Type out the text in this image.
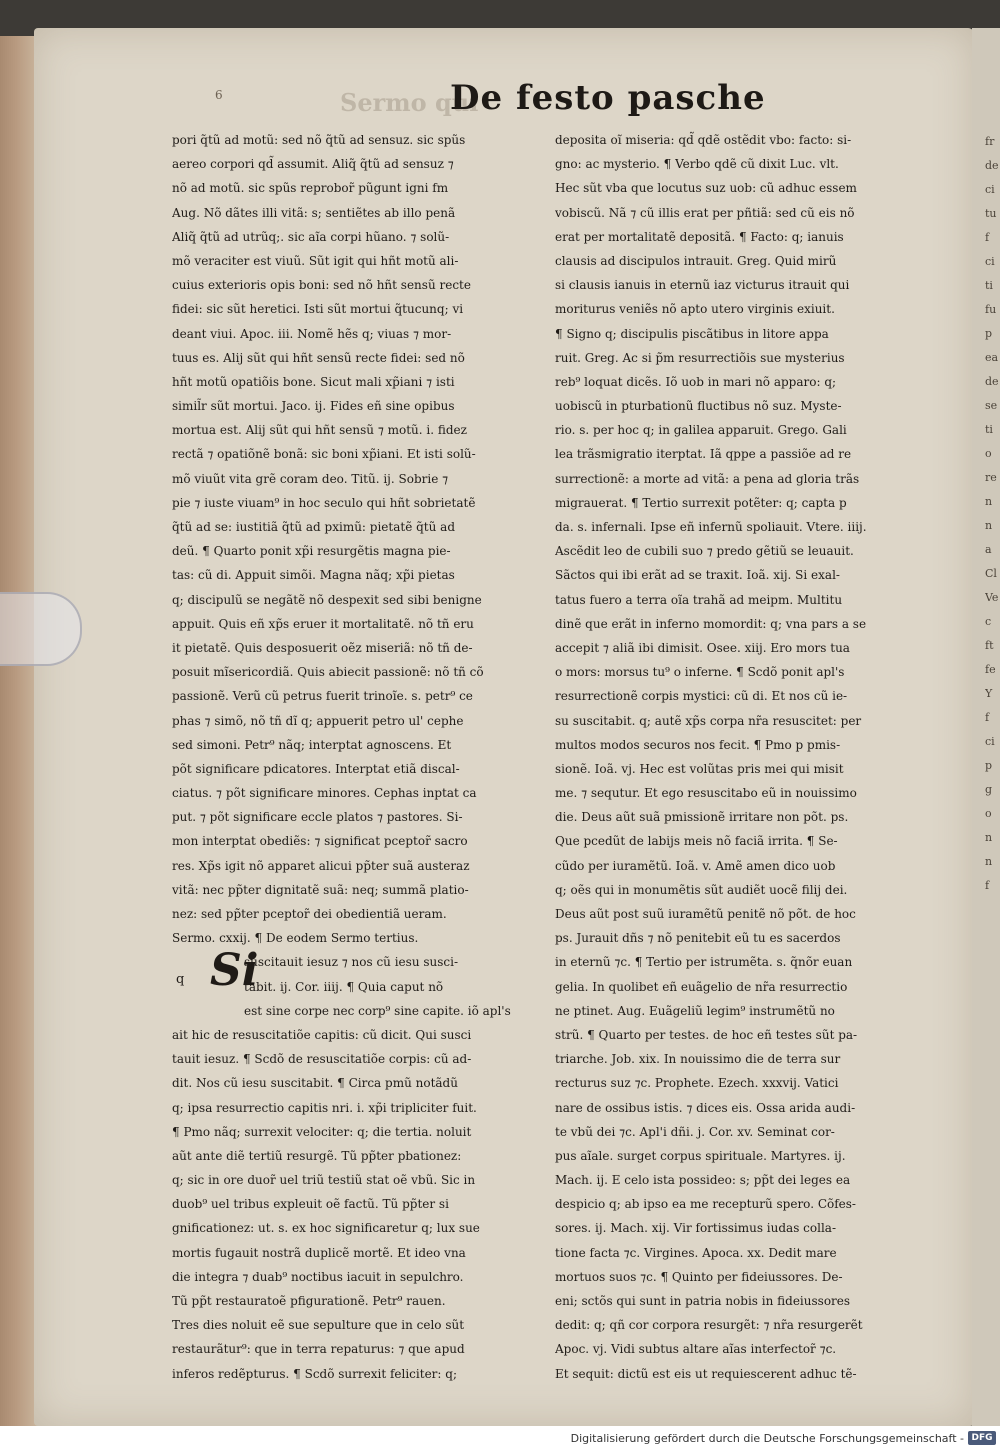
Sermo qui
6	De festo pasche
pori q̃tũ ad motũ: sed nõ q̃tũ ad sensuz. sic spũs
aereo corpori qd̃ assumit. Aliq̃ q̃tũ ad sensuz ⁊
nõ ad motũ. sic spũs reprobor̃ pũgunt igni fm
Aug. Nõ dãtes illi vitã: s; sentiẽtes ab illo penã
Aliq̃ q̃tũ ad utrũq;. sic aĩa corpi hũano. ⁊ solũ-
mõ veraciter est viuũ. Sũt igit qui hñt motũ ali-
cuius exterioris opis boni: sed nõ hñt sensũ recte
fidei: sic sũt heretici. Isti sũt mortui q̃tucunq; vi
deant viui. Apoc. iii. Nomẽ hẽs q; viuas ⁊ mor-
tuus es. Alij sũt qui hñt sensũ recte fidei: sed nõ
hñt motũ opatiõis bone. Sicut mali xp̃iani ⁊ isti
simil̃r sũt mortui. Jaco. ij. Fides eñ sine opibus
mortua est. Alij sũt qui hñt sensũ ⁊ motũ. i. fidez
rectã ⁊ opatiõnẽ bonã: sic boni xp̃iani. Et isti solũ-
mõ viuũt vita grẽ coram deo. Titũ. ij. Sobrie ⁊
pie ⁊ iuste viuam⁹ in hoc seculo qui hñt sobrietatẽ
q̃tũ ad se: iustitiã q̃tũ ad pximũ: pietatẽ q̃tũ ad
deũ. ¶ Quarto ponit xp̃i resurgẽtis magna pie-
tas: cũ di. Appuit simõi. Magna nãq; xp̃i pietas
q; discipulũ se negãtẽ nõ despexit sed sibi benigne
appuit. Quis eñ xp̃s eruer it mortalitatẽ. nõ tñ eru
it pietatẽ. Quis desposuerit oẽz miseriã: nõ tñ de-
posuit mĩsericordiã. Quis abiecit passionẽ: nõ tñ cõ
passionẽ. Verũ cũ petrus fuerit trinoĩe. s. petr⁹ ce
phas ⁊ simõ, nõ tñ dĩ q; appuerit petro ul' cephe
sed simoni. Petr⁹ nãq; interptat agnoscens. Et
põt significare pdicatores. Interptat etiã discal-
ciatus. ⁊ põt significare minores. Cephas inptat ca
put. ⁊ põt significare eccle platos ⁊ pastores. Si-
mon interptat obediẽs: ⁊ significat pceptor̃ sacro
res. Xp̃s igit nõ apparet alicui pp̃ter suã austeraz
vitã: nec pp̃ter dignitatẽ suã: neq; summã platio-
nez: sed pp̃ter pceptor̃ dei obedientiã ueram.
Sermo. cxxij. ¶ De eodem Sermo tertius.
q Si
suscitauit iesuz ⁊ nos cũ iesu susci-
tabit. ij. Cor. iiij. ¶ Quia caput nõ
est sine corpe nec corp⁹ sine capite. iõ apl's
ait hic de resuscitatiõe capitis: cũ dicit. Qui susci
tauit iesuz. ¶ Scdõ de resuscitatiõe corpis: cũ ad-
dit. Nos cũ iesu suscitabit. ¶ Circa pmũ notãdũ
q; ipsa resurrectio capitis nri. i. xp̃i tripliciter fuit.
¶ Pmo nãq; surrexit velociter: q; die tertia. noluit
aũt ante diẽ tertiũ resurgẽ. Tũ pp̃ter pbationez:
q; sic in ore duor̃ uel triũ testiũ stat oẽ vbũ. Sic in
duob⁹ uel tribus expleuit oẽ factũ. Tũ pp̃ter si
gnificationez: ut. s. ex hoc significaretur q; lux sue
mortis fugauit nostrã duplicẽ mortẽ. Et ideo vna
die integra ⁊ duab⁹ noctibus iacuit in sepulchro.
Tũ pp̃t restauratoẽ pfigurationẽ. Petr⁹ rauen.
Tres dies noluit eẽ sue sepulture que in celo sũt
restaurãtur⁹: que in terra repaturus: ⁊ que apud
inferos redẽpturus. ¶ Scdõ surrexit feliciter: q;
deposita oĩ miseria: qd̃ qdẽ ostẽdit vbo: facto: si-
gno: ac mysterio. ¶ Verbo qdẽ cũ dixit Luc. vlt.
Hec sũt vba que locutus suz uob: cũ adhuc essem
vobiscũ. Nã ⁊ cũ illis erat per pñtiã: sed cũ eis nõ
erat per mortalitatẽ depositã. ¶ Facto: q; ianuis
clausis ad discipulos intrauit. Greg. Quid mirũ
si clausis ianuis in eternũ iaz victurus itrauit qui
moriturus veniẽs nõ apto utero virginis exiuit.
¶ Signo q; discipulis piscãtibus in litore appa
ruit. Greg. Ac si p̃m resurrectiõis sue mysterius
reb⁹ loquat dicẽs. Iõ uob in mari nõ apparo: q;
uobiscũ in pturbationũ fluctibus nõ suz. Myste-
rio. s. per hoc q; in galilea apparuit. Grego. Gali
lea trãsmigratio iterptat. Iã qppe a passiõe ad re
surrectionẽ: a morte ad vitã: a pena ad gloria trãs
migrauerat. ¶ Tertio surrexit potẽter: q; capta p
da. s. infernali. Ipse eñ infernũ spoliauit. Vtere. iiij.
Ascẽdit leo de cubili suo ⁊ predo gẽtiũ se leuauit.
Sãctos qui ibi erãt ad se traxit. Ioã. xij. Si exal-
tatus fuero a terra oĩa trahã ad meipm. Multitu
dinẽ que erãt in inferno momordit: q; vna pars a se
accepit ⁊ aliã ibi dimisit. Osee. xiij. Ero mors tua
o mors: morsus tu⁹ o inferne. ¶ Scdõ ponit apl's
resurrectionẽ corpis mystici: cũ di. Et nos cũ ie-
su suscitabit. q; autẽ xp̃s corpa nr̃a resuscitet: per
multos modos securos nos fecit. ¶ Pmo p pmis-
sionẽ. Ioã. vj. Hec est volũtas pris mei qui misit
me. ⁊ sequtur. Et ego resuscitabo eũ in nouissimo
die. Deus aũt suã pmissionẽ irritare non põt. ps.
Que pcedũt de labijs meis nõ faciã irrita. ¶ Se-
cũdo per iuramẽtũ. Ioã. v. Amẽ amen dico uob
q; oẽs qui in monumẽtis sũt audiẽt uocẽ filij dei.
Deus aũt post suũ iuramẽtũ penitẽ nõ põt. de hoc
ps. Jurauit dñs ⁊ nõ penitebit eũ tu es sacerdos
in eternũ ⁊c. ¶ Tertio per istrumẽta. s. q̃nõr euan
gelia. In quolibet eñ euãgelio de nr̃a resurrectio
ne ptinet. Aug. Euãgeliũ legim⁹ instrumẽtũ no
strũ. ¶ Quarto per testes. de hoc eñ testes sũt pa-
triarche. Job. xix. In nouissimo die de terra sur
recturus suz ⁊c. Prophete. Ezech. xxxvij. Vatici
nare de ossibus istis. ⁊ dices eis. Ossa arida audi-
te vbũ dei ⁊c. Apl'i dñi. j. Cor. xv. Seminat cor-
pus aĩale. surget corpus spirituale. Martyres. ij.
Mach. ij. E celo ista possideo: s; pp̃t dei leges ea
despicio q; ab ipso ea me recepturũ spero. Cõfes-
sores. ij. Mach. xij. Vir fortissimus iudas colla-
tione facta ⁊c. Virgines. Apoca. xx. Dedit mare
mortuos suos ⁊c. ¶ Quinto per fideiussores. De-
eni; sctõs qui sunt in patria nobis in fideiussores
dedit: q; qñ cor corpora resurgẽt: ⁊ nr̃a resurgerẽt
Apoc. vj. Vidi subtus altare aĩas interfector̃ ⁊c.
Et sequit: dictũ est eis ut requiescerent adhuc tẽ-
fr
de
ci
tu
f
ci
ti
fu
p
ea
de
se
ti
o
re
n
n
a
Cl
Ve
c
ft
fe
Y
f
ci
p
g
o
n
n
f
Digitalisierung gefördert durch die Deutsche Forschungsgemeinschaft - DFG
